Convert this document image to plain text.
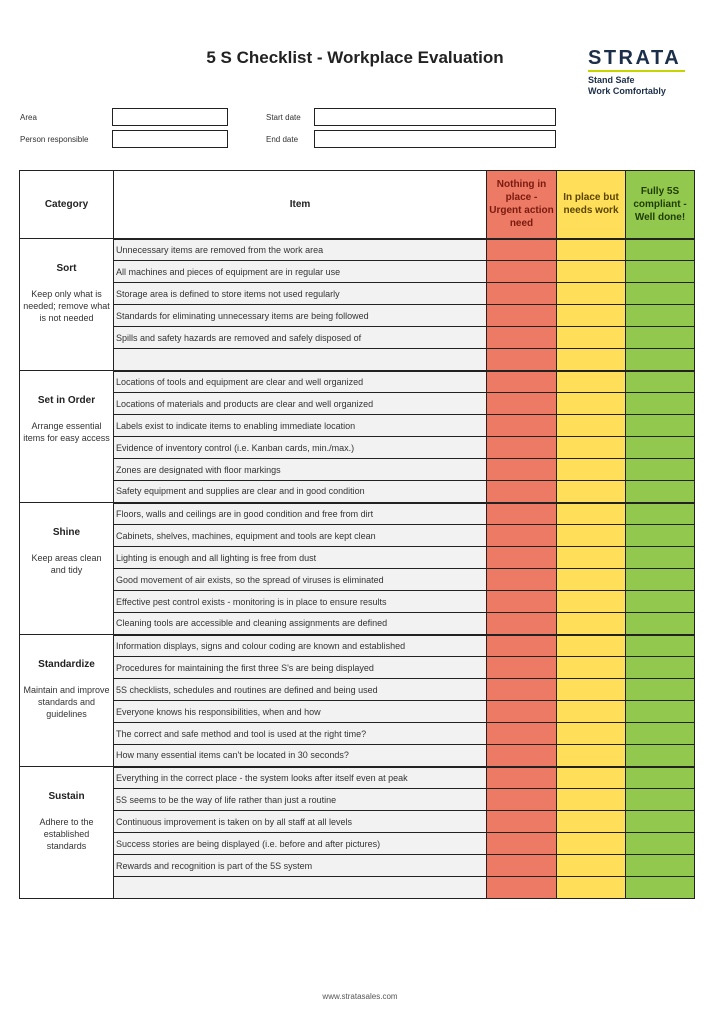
5 S Checklist - Workplace Evaluation	STRATA
Stand Safe
Work Comfortably
Area
Person responsible
Start date
End date
Category	Item	Nothing in place - Urgent action need	In place but needs work	Fully 5S compliant - Well done!

Sort
Keep only what is needed; remove what is not needed	Unnecessary items are removed from the work area			
	All machines and pieces of equipment are in regular use			
	Storage area is defined to store items not used regularly			
	Standards for eliminating unnecessary items are being followed			
	Spills and safety hazards are removed and safely disposed of			

Set in Order
Arrange essential items for easy access	Locations of tools and equipment are clear and well organized			
	Locations of materials and products are clear and well organized			
	Labels exist to indicate items to enabling immediate location			
	Evidence of inventory control (i.e. Kanban cards, min./max.)			
	Zones are designated with floor markings			
	Safety equipment and supplies are clear and in good condition			

Shine
Keep areas clean and tidy	Floors, walls and ceilings are in good condition and free from dirt			
	Cabinets, shelves, machines, equipment and tools are kept clean			
	Lighting is enough and all lighting is free from dust			
	Good movement of air exists, so the spread of viruses is eliminated			
	Effective pest control exists - monitoring is in place to ensure results			
	Cleaning tools are accessible and cleaning assignments are defined			

Standardize
Maintain and improve standards and guidelines	Information displays, signs and colour coding are known and established			
	Procedures for maintaining the first three S's are being displayed			
	5S checklists, schedules and routines are defined and being used			
	Everyone knows his responsibilities, when and how			
	The correct and safe method and tool is used at the right time?			
	How many essential items can't be located in 30 seconds?			

Sustain
Adhere to the established standards	Everything in the correct place - the system looks after itself even at peak			
	5S seems to be the way of life rather than just a routine			
	Continuous improvement is taken on by all staff at all levels			
	Success stories are being displayed (i.e. before and after pictures)			
	Rewards and recognition is part of the 5S system			

www.stratasales.com
